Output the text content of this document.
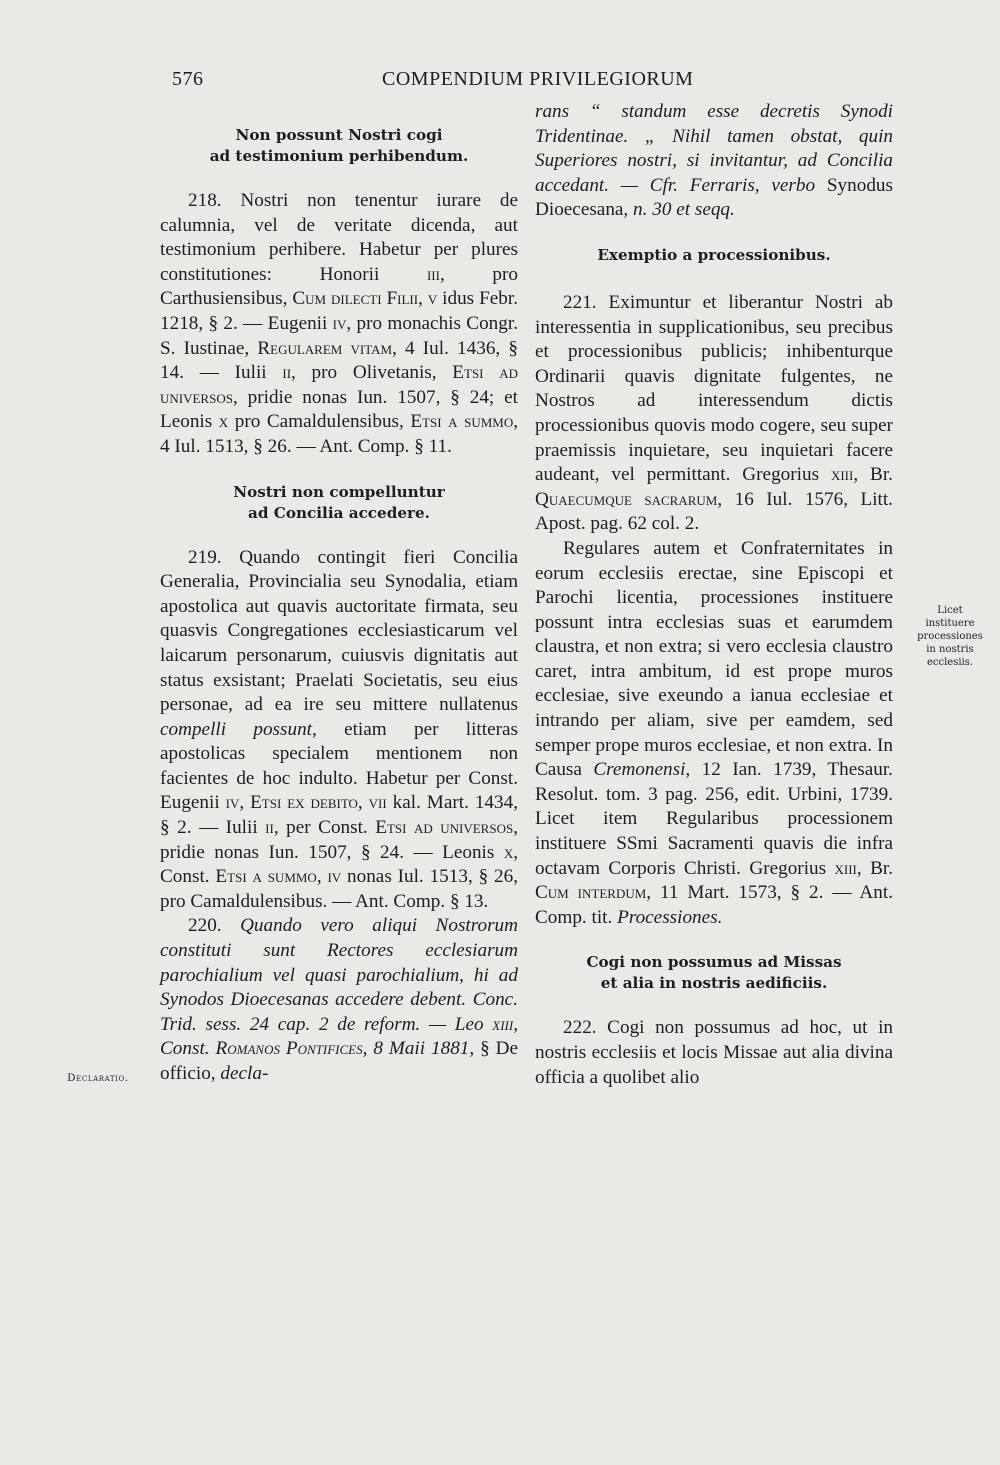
576	COMPENDIUM PRIVILEGIORUM

Non possunt Nostri cogi
ad testimonium perhibendum.

218. Nostri non tenentur iurare de calumnia, vel de veritate dicenda, aut testimonium perhibere. Habetur per plures constitutiones: Honorii iii, pro Carthusiensibus, Cum dilecti Filii, v idus Febr. 1218, § 2. — Eugenii iv, pro monachis Congr. S. Iustinae, Regularem vitam, 4 Iul. 1436, § 14. — Iulii ii, pro Olivetanis, Etsi ad universos, pridie nonas Iun. 1507, § 24; et Leonis x pro Camaldulensibus, Etsi a summo, 4 Iul. 1513, § 26. — Ant. Comp. § 11.

Nostri non compelluntur
ad Concilia accedere.

219. Quando contingit fieri Concilia Generalia, Provincialia seu Synodalia, etiam apostolica aut quavis auctoritate firmata, seu quasvis Congregationes ecclesiasticarum vel laicarum personarum, cuiusvis dignitatis aut status exsistant; Praelati Societatis, seu eius personae, ad ea ire seu mittere nullatenus compelli possunt, etiam per litteras apostolicas specialem mentionem non facientes de hoc indulto. Habetur per Const. Eugenii iv, Etsi ex debito, vii kal. Mart. 1434, § 2. — Iulii ii, per Const. Etsi ad universos, pridie nonas Iun. 1507, § 24. — Leonis x, Const. Etsi a summo, iv nonas Iul. 1513, § 26, pro Camaldulensibus. — Ant. Comp. § 13.

220. Quando vero aliqui Nostrorum constituti sunt Rectores ecclesiarum parochialium vel quasi parochialium, hi ad Synodos Dioecesanas accedere debent. Conc. Trid. sess. 24 cap. 2 de reform. — Leo xiii, Const. Romanos Pontifices, 8 Maii 1881, § De officio, decla-

rans “ standum esse decretis Synodi Tridentinae. „ Nihil tamen obstat, quin Superiores nostri, si invitantur, ad Concilia accedant. — Cfr. Ferraris, verbo Synodus Dioecesana, n. 30 et seqq.

Exemptio a processionibus.

221. Eximuntur et liberantur Nostri ab interessentia in supplicationibus, seu precibus et processionibus publicis; inhibenturque Ordinarii quavis dignitate fulgentes, ne Nostros ad interessendum dictis processionibus quovis modo cogere, seu super praemissis inquietare, seu inquietari facere audeant, vel permittant. Gregorius xiii, Br. Quaecumque sacrarum, 16 Iul. 1576, Litt. Apost. pag. 62 col. 2.

Regulares autem et Confraternitates in eorum ecclesiis erectae, sine Episcopi et Parochi licentia, processiones instituere possunt intra ecclesias suas et earumdem claustra, et non extra; si vero ecclesia claustro caret, intra ambitum, id est prope muros ecclesiae, sive exeundo a ianua ecclesiae et intrando per aliam, sive per eamdem, sed semper prope muros ecclesiae, et non extra. In Causa Cremonensi, 12 Ian. 1739, Thesaur. Resolut. tom. 3 pag. 256, edit. Urbini, 1739. Licet item Regularibus processionem instituere SSmi Sacramenti quavis die infra octavam Corporis Christi. Gregorius xiii, Br. Cum interdum, 11 Mart. 1573, § 2. — Ant. Comp. tit. Processiones.

Cogi non possumus ad Missas
et alia in nostris aedificiis.

222. Cogi non possumus ad hoc, ut in nostris ecclesiis et locis Missae aut alia divina officia a quolibet alio

Licet
instituere
processiones
in nostris
ecclesiis.
Declaratio.
